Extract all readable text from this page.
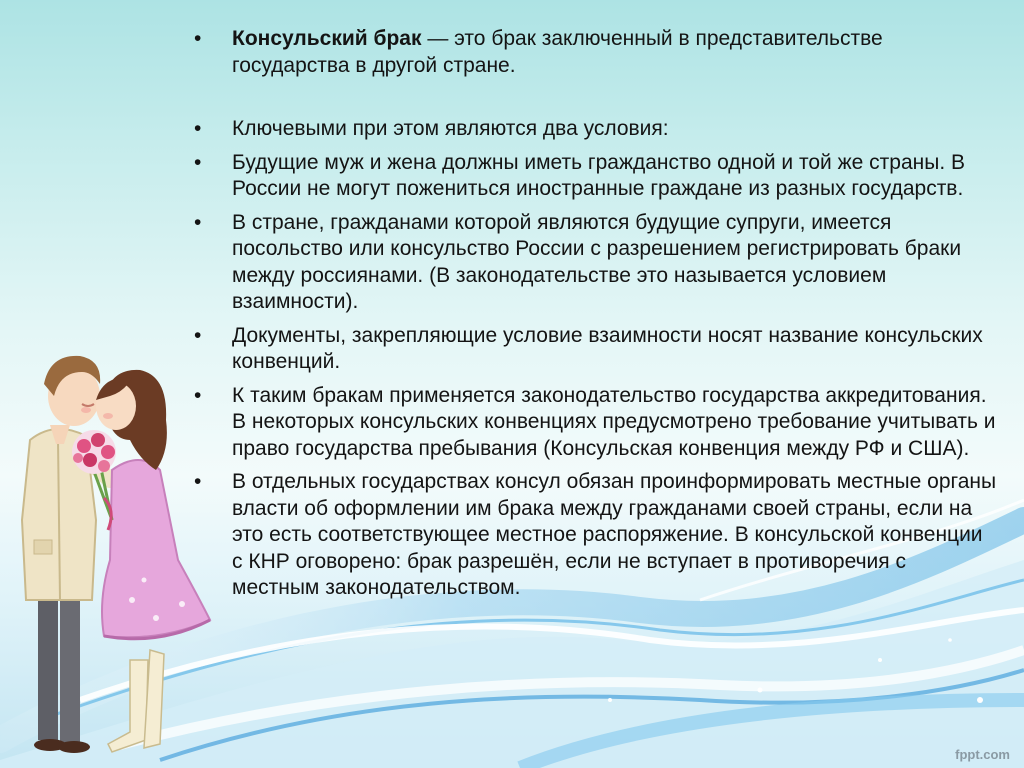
• Консульский брак — это брак заключенный в представительстве государства в другой стране.
• Ключевыми при этом являются два условия:
• Будущие муж и жена должны иметь гражданство одной и той же страны. В России не могут пожениться иностранные граждане из разных государств.
• В стране, гражданами которой являются будущие супруги, имеется посольство или консульство России с разрешением регистрировать браки между россиянами. (В законодательстве это называется условием взаимности).
• Документы, закрепляющие условие взаимности носят название консульских конвенций.
• К таким бракам применяется законодательство государства аккредитования. В некоторых консульских конвенциях предусмотрено требование учитывать и право государства пребывания (Консульская конвенция между РФ и США).
• В отдельных государствах консул обязан проинформировать местные органы власти об оформлении им брака между гражданами своей страны, если на это есть соответствующее местное распоряжение. В консульской конвенции с КНР оговорено: брак разрешён, если не вступает в противоречия с местным законодательством.
fppt.com
